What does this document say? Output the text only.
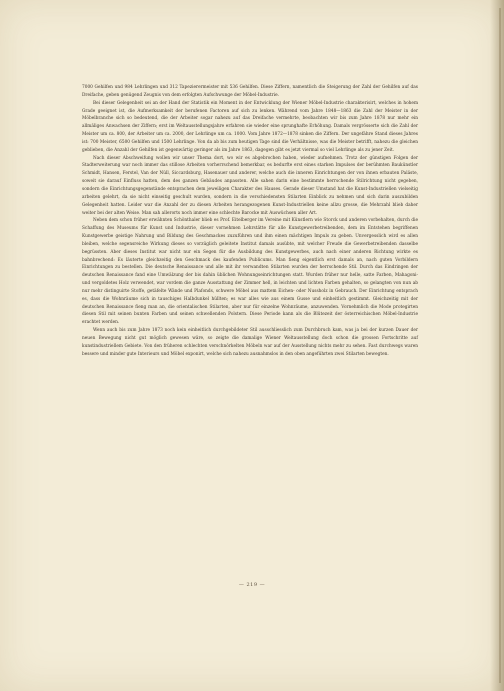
7000 Gehilfen und 984 Lehrlingen und 312 Tapezierermeister mit 536 Gehilfen. Diese Ziffern, namentlich die Steigerung der Zahl der Gehilfen auf das Dreifache, geben genügend Zeugnis von dem erfolgten Aufschwunge der Möbel-Industrie.

Bei dieser Gelegenheit sei an der Hand der Statistik ein Moment in der Entwicklung der Wiener Möbel-Industrie charakterisirt, welches in hohem Grade geeignet ist, die Aufmerksamkeit der berufenen Factoren auf sich zu lenken. Während vom Jahre 1848—1863 die Zahl der Meister in der Möbelbranche sich so bedeutend, die der Arbeiter sogar nahezu auf das Dreifache vermehrte, beobachten wir bis zum Jahre 1878 nur mehr ein allmäliges Anwachsen der Ziffern; erst im Weltausstellungsjahre erfahren sie wieder eine sprunghafte Erhöhung. Damals vergrösserte sich die Zahl der Meister um ca. 800, der Arbeiter um ca. 2000, der Lehrlinge um ca. 1000. Vom Jahre 1872—1878 sinken die Ziffern. Der ungefähre Stand dieses Jahres ist: 700 Meister, 6500 Gehilfen und 1500 Lehrlinge. Von da ab bis zum heutigen Tage sind die Verhältnisse, was die Meister betrifft, nahezu die gleichen geblieben, die Anzahl der Gehilfen ist gegenwärtig geringer als im Jahre 1863, dagegen gibt es jetzt viermal so viel Lehrlinge als zu jener Zeit.

Nach dieser Abschweifung wollen wir unser Thema dort, wo wir es abgebrochen haben, wieder aufnehmen. Trotz der günstigen Folgen der Stadterweiterung war noch immer das stillose Arbeiten vorherrschend bemerkbar, es bedurfte erst eines starken Impulses der berühmten Baukünstler Schmidt, Hansen, Ferstel, Van der Nüll, Siccardsburg, Hasenauer und anderer, welche auch die inneren Einrichtungen der von ihnen erbauten Paläste, soweit sie darauf Einfluss hatten, dem des ganzen Gebäudes anpassten. Alle sahen darin eine bestimmte herrschende Stilrichtung nicht gegeben, sondern die Einrichtungsgegenstände entsprachen dem jeweiligen Charakter des Hauses. Gerade dieser Umstand hat die Kunst-Industriellen vielseitig arbeiten gelehrt, da sie nicht einseitig geschult wurden, sondern in die verschiedensten Stilarten Einblick zu nehmen und sich darin auszubilden Gelegenheit hatten. Leider war die Anzahl der zu diesen Arbeiten herangezogenen Kunst-Industriellen keine allzu grosse, die Mehrzahl blieb daher weiter bei der alten Weise. Man sah allerorts noch immer eine schlechte Barocke mit Auswüchsen aller Art.

Neben dem schon früher erwähnten Schönthaler blieb es Prof. Eitelberger im Vereine mit Künstlern wie Storck und anderen vorbehalten, durch die Schaffung des Museums für Kunst und Industrie, dieser vornehmen Lehrstätte für alle Kunstgewerbetreibenden, dem im Entstehen begriffenen Kunstgewerbe geistige Nahrung und Bildung des Geschmackes zuzuführen und ihm einen mächtigen Impuls zu geben. Unvergesslich wird es allen bleiben, welche segensreiche Wirkung dieses so vorzüglich geleitete Institut damals ausübte, mit welcher Freude die Gewerbetreibenden dasselbe begrüssten. Aber dieses Institut war nicht nur ein Segen für die Ausbildung des Kunstgewerbes, auch nach einer anderen Richtung wirkte es bahnbrechend: Es läuterte gleichzeitig den Geschmack des kaufenden Publicums. Man fieng eigentlich erst damals an, nach guten Vorbildern Einrichtungen zu bestellen. Die deutsche Renaissance und alle mit ihr verwandten Stilarten wurden der herrschende Stil. Durch das Eindringen der deutschen Renaissance fand eine Umwälzung der bis dahin üblichen Wohnungseinrichtungen statt. Wurden früher nur helle, satte Farben, Mahagoni- und vergoldetes Holz verwendet, war vordem die ganze Ausstattung der Zimmer hell, in leichten und lichten Farben gehalten, so gelangten von nun ab nur mehr distinguirte Stoffe, getäfelte Wände und Plafonds, schwere Möbel aus mattem Eichen- oder Nussholz in Gebrauch. Der Einrichtung entsprach es, dass die Wohnräume sich in tauschiges Halbdunkel hüllten; es war alles wie aus einem Gusse und einheitlich gestimmt. Gleichzeitig mit der deutschen Renaissance fieng man an, die orientalischen Stilarten, aber nur für einzelne Wohnräume, anzuwenden. Vornehmlich die Mode protegirten diesen Stil mit seinen bunten Farben und seinen schwellenden Polstern. Diese Periode kann als die Blütezeit der österreichischen Möbel-Industrie erachtet werden.

Wenn auch bis zum Jahre 1873 noch kein einheitlich durchgebildeter Stil ausschliesslich zum Durchbruch kam, was ja bei der kurzen Dauer der neuen Bewegung nicht gut möglich gewesen wäre, so zeigte die damalige Wiener Weltausstellung doch schon die grossen Fortschritte auf kunstindustriellem Gebiete. Von den früheren schlechten verschnörkelten Möbeln war auf der Ausstellung nichts mehr zu sehen. Fast durchwegs waren bessere und minder gute Interieurs und Möbel exponirt, welche sich nahezu ausnahmslos in den oben angeführten zwei Stilarten bewegten.

— 219 —
